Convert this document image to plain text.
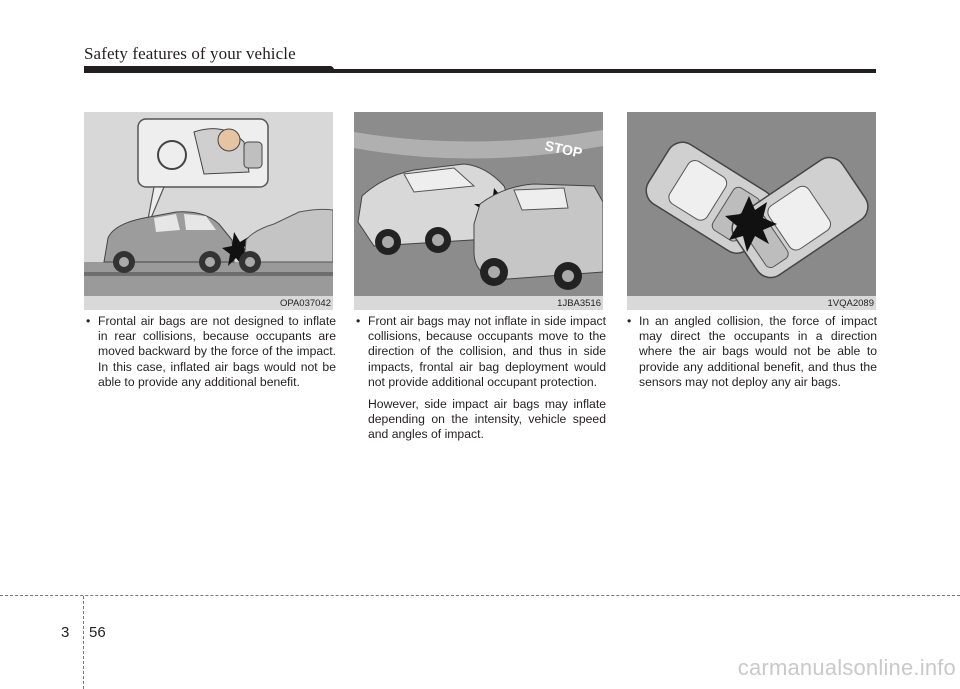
Safety features of your vehicle
OPA037042
STOP
1JBA3516	1VQA2089
• Frontal air bags are not designed to inflate in rear collisions, because occupants are moved backward by the force of the impact. In this case, inflated air bags would not be able to provide any additional benefit.
• Front air bags may not inflate in side impact collisions, because occupants move to the direction of the collision, and thus in side impacts, frontal air bag deployment would not provide additional occupant protection.
However, side impact air bags may inflate depending on the intensity, vehicle speed and angles of impact.
• In an angled collision, the force of impact may direct the occupants in a direction where the air bags would not be able to provide any additional benefit, and thus the sensors may not deploy any air bags.
3 56
carmanualsonline.info
